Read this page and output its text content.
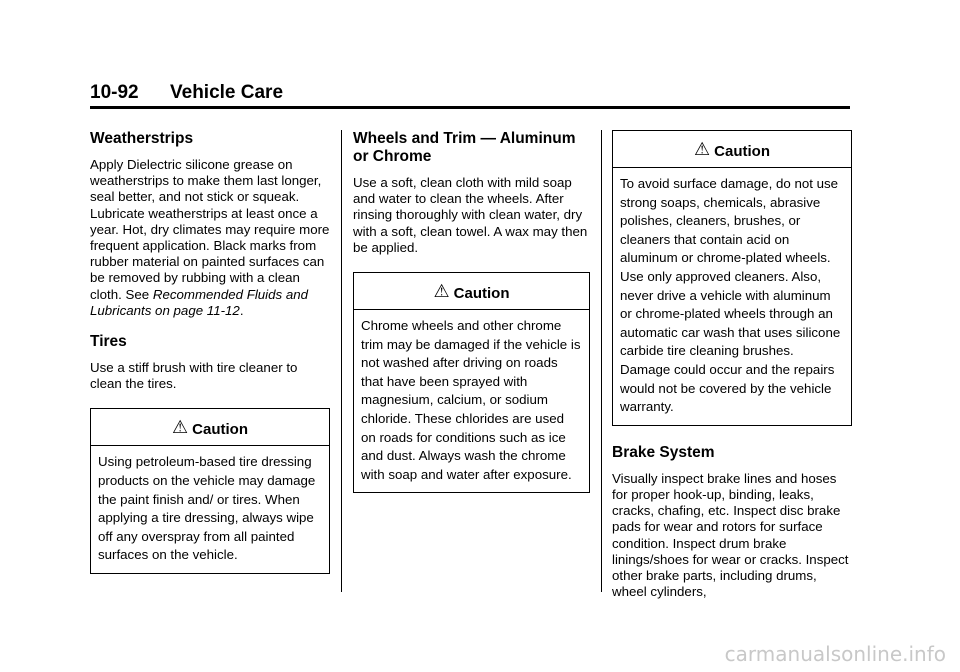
10-92 Vehicle Care
Weatherstrips

Apply Dielectric silicone grease on weatherstrips to make them last longer, seal better, and not stick or squeak. Lubricate weatherstrips at least once a year. Hot, dry climates may require more frequent application. Black marks from rubber material on painted surfaces can be removed by rubbing with a clean cloth. See Recommended Fluids and Lubricants on page 11-12.

Tires

Use a stiff brush with tire cleaner to clean the tires.

⚠ Caution
Using petroleum-based tire dressing products on the vehicle may damage the paint finish and/ or tires. When applying a tire dressing, always wipe off any overspray from all painted surfaces on the vehicle.
Wheels and Trim — Aluminum or Chrome

Use a soft, clean cloth with mild soap and water to clean the wheels. After rinsing thoroughly with clean water, dry with a soft, clean towel. A wax may then be applied.

⚠ Caution
Chrome wheels and other chrome trim may be damaged if the vehicle is not washed after driving on roads that have been sprayed with magnesium, calcium, or sodium chloride. These chlorides are used on roads for conditions such as ice and dust. Always wash the chrome with soap and water after exposure.
⚠ Caution
To avoid surface damage, do not use strong soaps, chemicals, abrasive polishes, cleaners, brushes, or cleaners that contain acid on aluminum or chrome-plated wheels. Use only approved cleaners. Also, never drive a vehicle with aluminum or chrome-plated wheels through an automatic car wash that uses silicone carbide tire cleaning brushes. Damage could occur and the repairs would not be covered by the vehicle warranty.
Brake System

Visually inspect brake lines and hoses for proper hook-up, binding, leaks, cracks, chafing, etc. Inspect disc brake pads for wear and rotors for surface condition. Inspect drum brake linings/shoes for wear or cracks. Inspect other brake parts, including drums, wheel cylinders,

carmanualsonline.info
